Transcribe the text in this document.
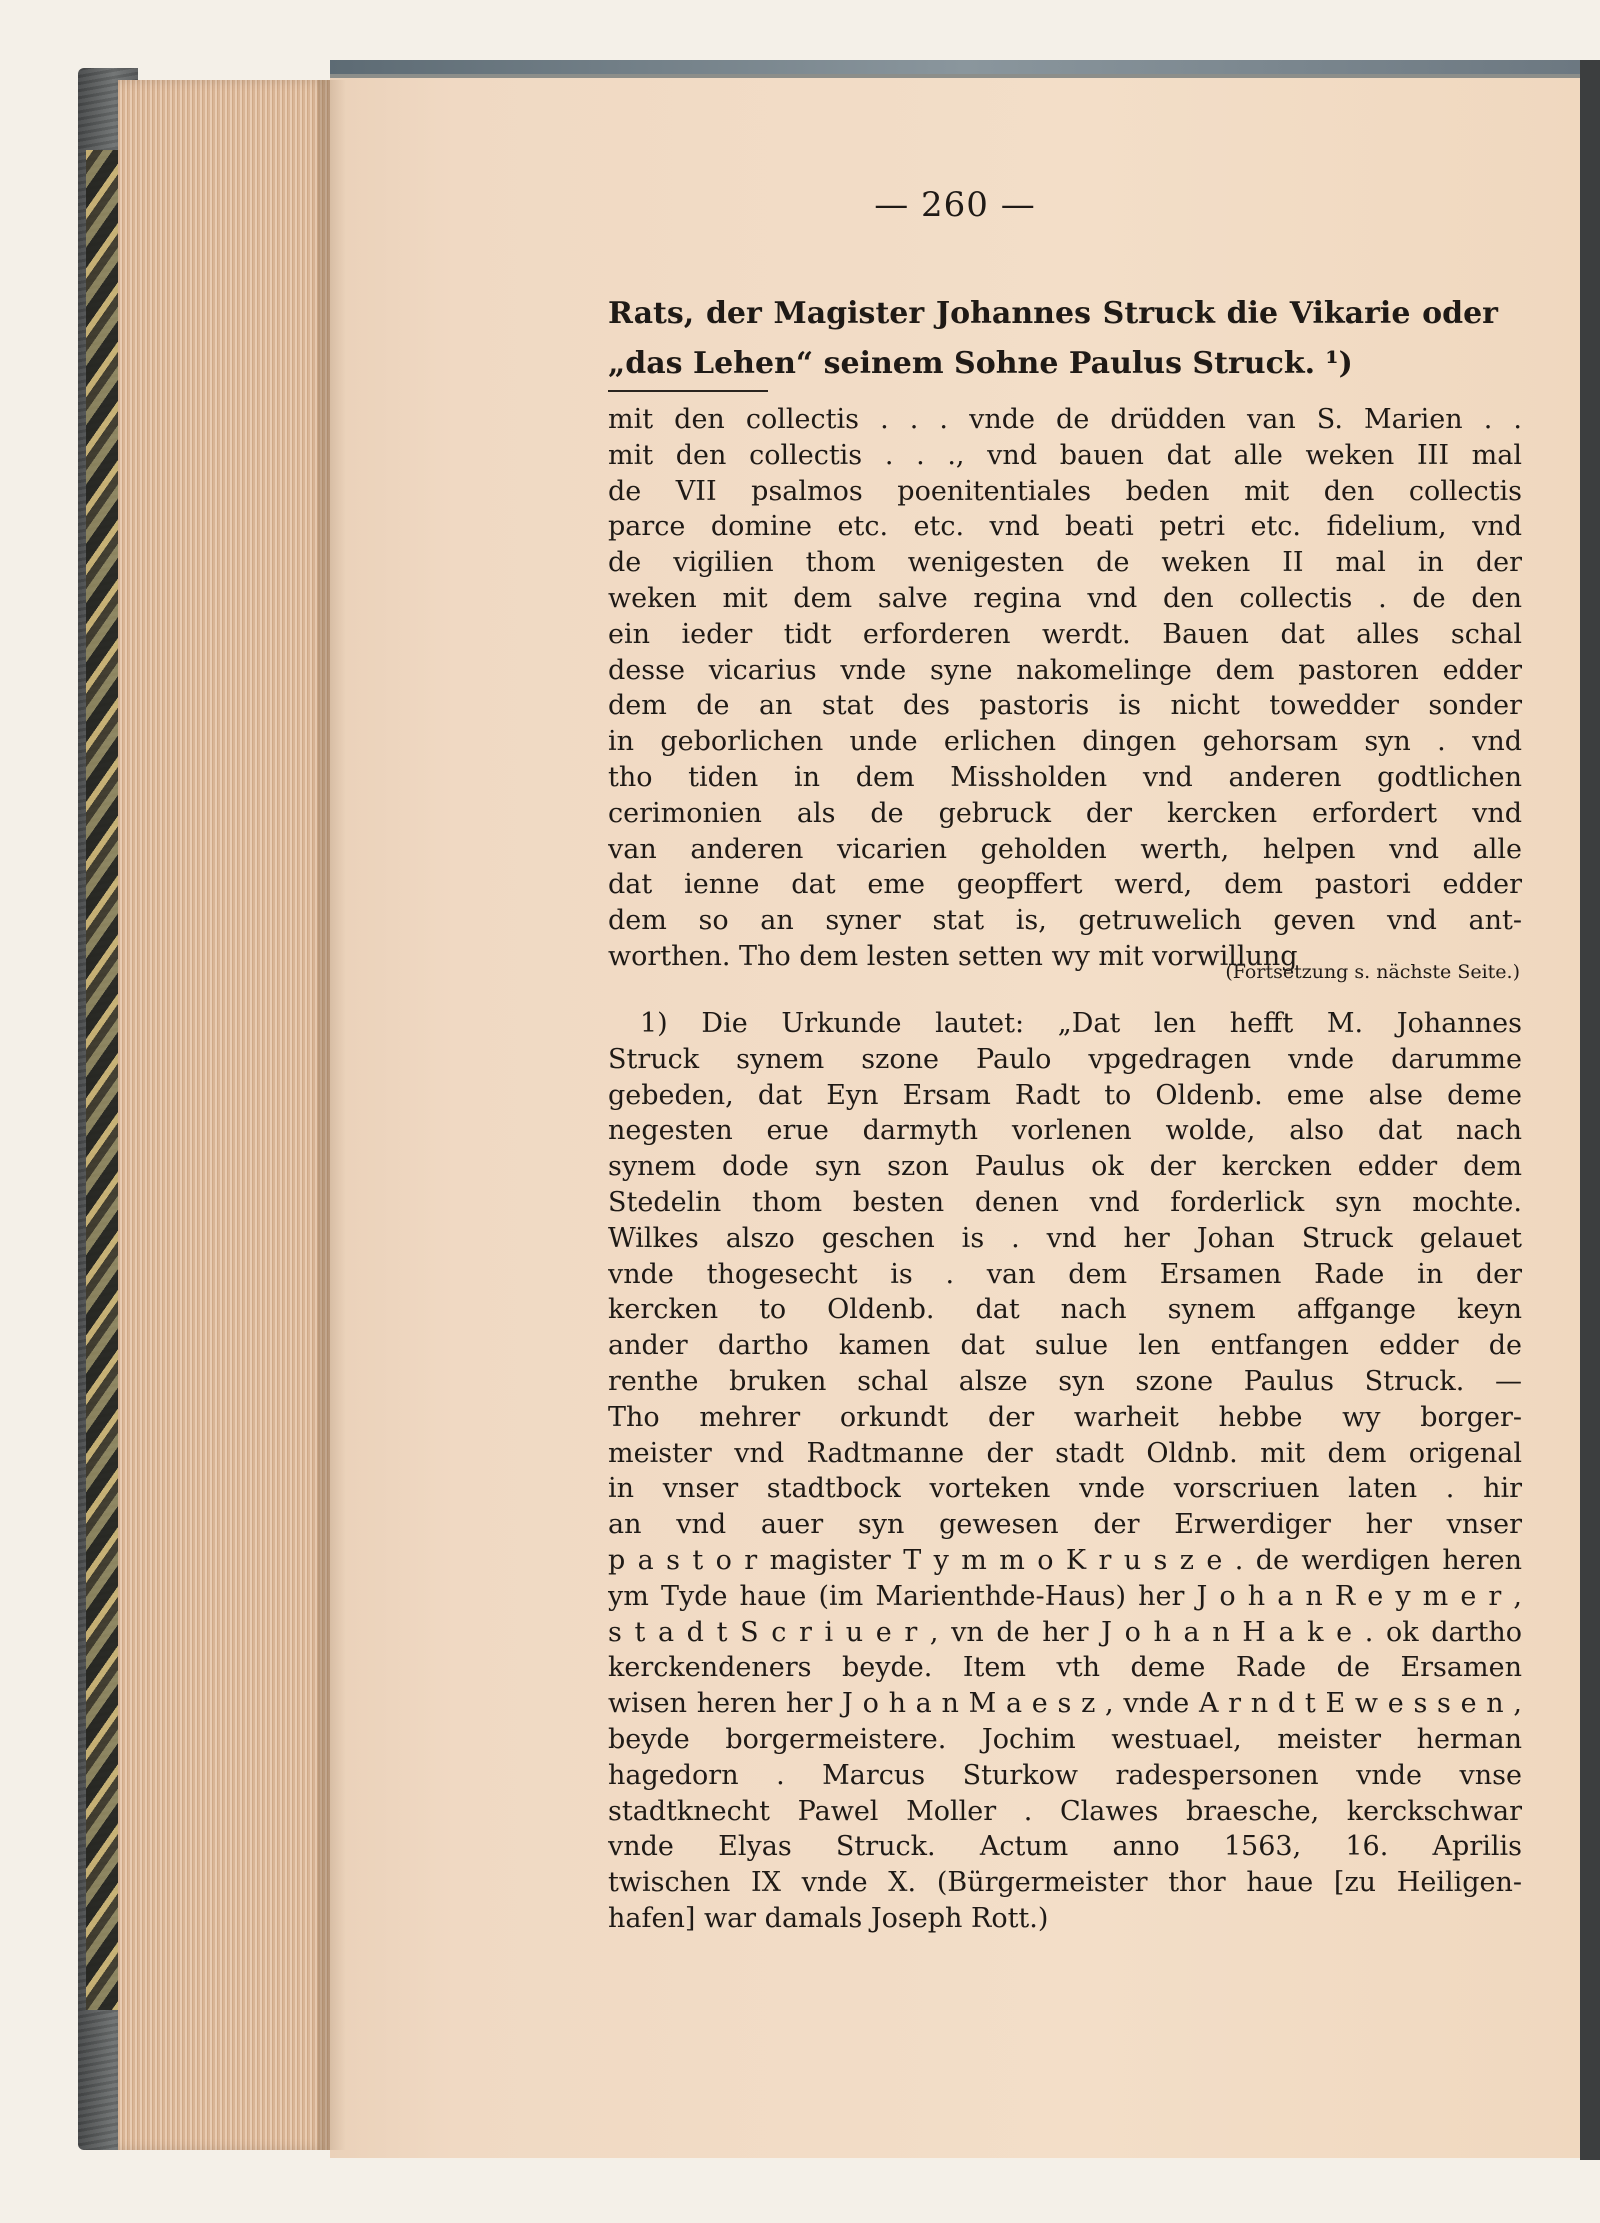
— 260 —
Rats, der Magister Johannes Struck die Vikarie oder
„das Lehen“ seinem Sohne Paulus Struck. ¹)
mit den collectis . . . vnde de drüdden van S. Marien . .
mit den collectis . . ., vnd bauen dat alle weken III mal
de VII psalmos poenitentiales beden mit den collectis
parce domine etc. etc. vnd beati petri etc. fidelium, vnd
de vigilien thom wenigesten de weken II mal in der
weken mit dem salve regina vnd den collectis . de den
ein ieder tidt erforderen werdt. Bauen dat alles schal
desse vicarius vnde syne nakomelinge dem pastoren edder
dem de an stat des pastoris is nicht towedder sonder
in geborlichen unde erlichen dingen gehorsam syn . vnd
tho tiden in dem Missholden vnd anderen godtlichen
cerimonien als de gebruck der kercken erfordert vnd
van anderen vicarien geholden werth, helpen vnd alle
dat ienne dat eme geopffert werd, dem pastori edder
dem so an syner stat is, getruwelich geven vnd ant-
worthen. Tho dem lesten setten wy mit vorwillung
(Fortsetzung s. nächste Seite.)
1) Die Urkunde lautet: „Dat len hefft M. Johannes
Struck synem szone Paulo vpgedragen vnde darumme
gebeden, dat Eyn Ersam Radt to Oldenb. eme alse deme
negesten erue darmyth vorlenen wolde, also dat nach
synem dode syn szon Paulus ok der kercken edder dem
Stedelin thom besten denen vnd forderlick syn mochte.
Wilkes alszo geschen is . vnd her Johan Struck gelauet
vnde thogesecht is . van dem Ersamen Rade in der
kercken to Oldenb. dat nach synem affgange keyn
ander dartho kamen dat sulue len entfangen edder de
renthe bruken schal alsze syn szone Paulus Struck. —
Tho mehrer orkundt der warheit hebbe wy borger-
meister vnd Radtmanne der stadt Oldnb. mit dem origenal
in vnser stadtbock vorteken vnde vorscriuen laten . hir
an vnd auer syn gewesen der Erwerdiger her vnser
p a s t o r magister T y m m o K r u s z e . de werdigen heren
ym Tyde haue (im Marienthde-Haus) her J o h a n R e y m e r ,
s t a d t S c r i u e r , vn de her J o h a n H a k e . ok dartho
kerckendeners beyde. Item vth deme Rade de Ersamen
wisen heren her J o h a n M a e s z , vnde A r n d t E w e s s e n ,
beyde borgermeistere. Jochim westuael, meister herman
hagedorn . Marcus Sturkow radespersonen vnde vnse
stadtknecht Pawel Moller . Clawes braesche, kerckschwar
vnde Elyas Struck. Actum anno 1563, 16. Aprilis
twischen IX vnde X. (Bürgermeister thor haue [zu Heiligen-
hafen] war damals Joseph Rott.)
